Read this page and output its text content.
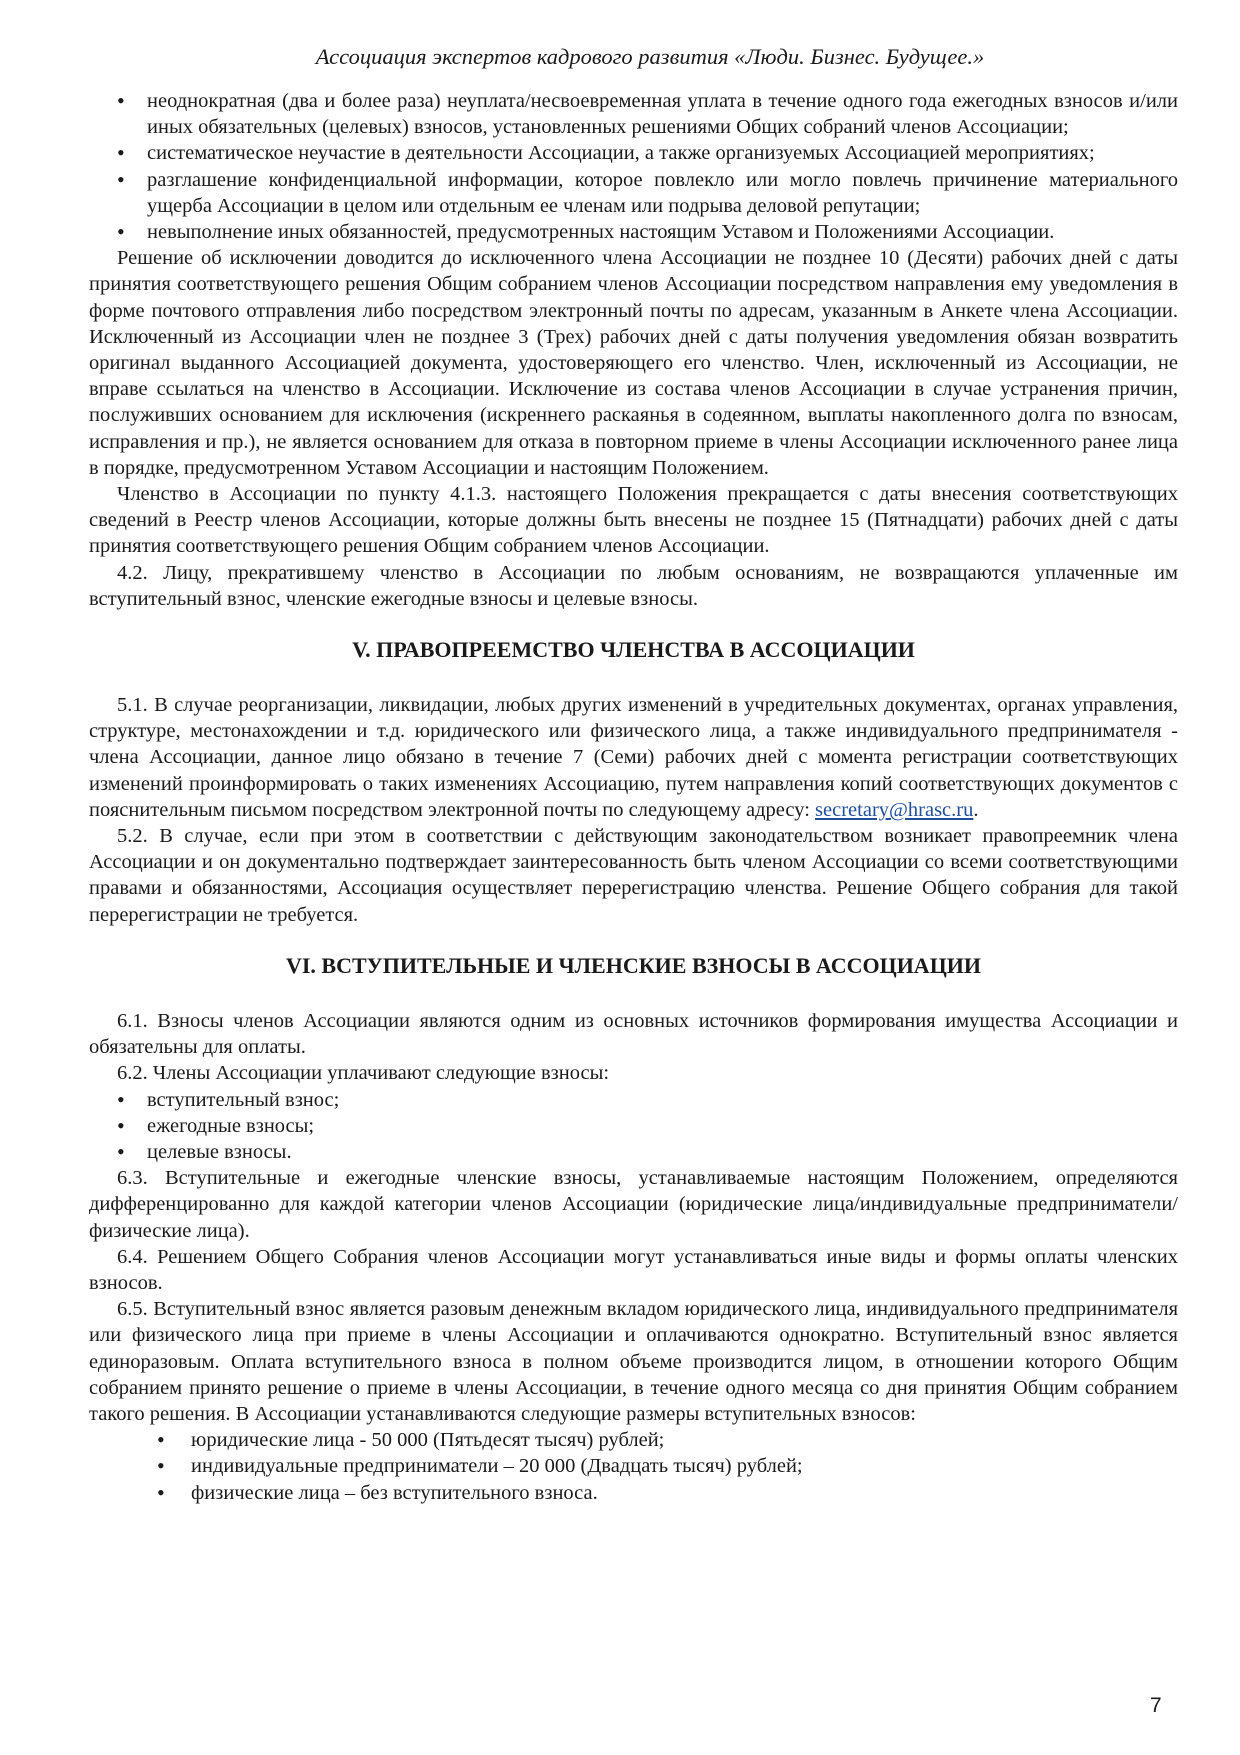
Ассоциация экспертов кадрового развития «Люди. Бизнес. Будущее.»
• неоднократная (два и более раза) неуплата/несвоевременная уплата в течение одного года ежегодных взносов и/или иных обязательных (целевых) взносов, установленных решениями Общих собраний членов Ассоциации;
• систематическое неучастие в деятельности Ассоциации, а также организуемых Ассоциацией мероприятиях;
• разглашение конфиденциальной информации, которое повлекло или могло повлечь причинение материального ущерба Ассоциации в целом или отдельным ее членам или подрыва деловой репутации;
• невыполнение иных обязанностей, предусмотренных настоящим Уставом и Положениями Ассоциации.

Решение об исключении доводится до исключенного члена Ассоциации не позднее 10 (Десяти) рабочих дней с даты принятия соответствующего решения Общим собранием членов Ассоциации посредством направления ему уведомления в форме почтового отправления либо посредством электронный почты по адресам, указанным в Анкете члена Ассоциации. Исключенный из Ассоциации член не позднее 3 (Трех) рабочих дней с даты получения уведомления обязан возвратить оригинал выданного Ассоциацией документа, удостоверяющего его членство. Член, исключенный из Ассоциации, не вправе ссылаться на членство в Ассоциации. Исключение из состава членов Ассоциации в случае устранения причин, послуживших основанием для исключения (искреннего раскаянья в содеянном, выплаты накопленного долга по взносам, исправления и пр.), не является основанием для отказа в повторном приеме в члены Ассоциации исключенного ранее лица в порядке, предусмотренном Уставом Ассоциации и настоящим Положением.

Членство в Ассоциации по пункту 4.1.3. настоящего Положения прекращается с даты внесения соответствующих сведений в Реестр членов Ассоциации, которые должны быть внесены не позднее 15 (Пятнадцати) рабочих дней с даты принятия соответствующего решения Общим собранием членов Ассоциации.

4.2. Лицу, прекратившему членство в Ассоциации по любым основаниям, не возвращаются уплаченные им вступительный взнос, членские ежегодные взносы и целевые взносы.

V. ПРАВОПРЕЕМСТВО ЧЛЕНСТВА В АССОЦИАЦИИ

5.1. В случае реорганизации, ликвидации, любых других изменений в учредительных документах, органах управления, структуре, местонахождении и т.д. юридического или физического лица, а также индивидуального предпринимателя - члена Ассоциации, данное лицо обязано в течение 7 (Семи) рабочих дней с момента регистрации соответствующих изменений проинформировать о таких изменениях Ассоциацию, путем направления копий соответствующих документов с пояснительным письмом посредством электронной почты по следующему адресу: secretary@hrasc.ru.

5.2. В случае, если при этом в соответствии с действующим законодательством возникает правопреемник члена Ассоциации и он документально подтверждает заинтересованность быть членом Ассоциации со всеми соответствующими правами и обязанностями, Ассоциация осуществляет перерегистрацию членства. Решение Общего собрания для такой перерегистрации не требуется.

VI. ВСТУПИТЕЛЬНЫЕ И ЧЛЕНСКИЕ ВЗНОСЫ В АССОЦИАЦИИ

6.1. Взносы членов Ассоциации являются одним из основных источников формирования имущества Ассоциации и обязательны для оплаты.

6.2. Члены Ассоциации уплачивают следующие взносы:

• вступительный взнос;
• ежегодные взносы;
• целевые взносы.

6.3. Вступительные и ежегодные членские взносы, устанавливаемые настоящим Положением, определяются дифференцированно для каждой категории членов Ассоциации (юридические лица/индивидуальные предприниматели/физические лица).

6.4. Решением Общего Собрания членов Ассоциации могут устанавливаться иные виды и формы оплаты членских взносов.

6.5. Вступительный взнос является разовым денежным вкладом юридического лица, индивидуального предпринимателя или физического лица при приеме в члены Ассоциации и оплачиваются однократно. Вступительный взнос является единоразовым. Оплата вступительного взноса в полном объеме производится лицом, в отношении которого Общим собранием принято решение о приеме в члены Ассоциации, в течение одного месяца со дня принятия Общим собранием такого решения. В Ассоциации устанавливаются следующие размеры вступительных взносов:

• юридические лица - 50 000 (Пятьдесят тысяч) рублей;
• индивидуальные предприниматели – 20 000 (Двадцать тысяч) рублей;
• физические лица – без вступительного взноса.
7
